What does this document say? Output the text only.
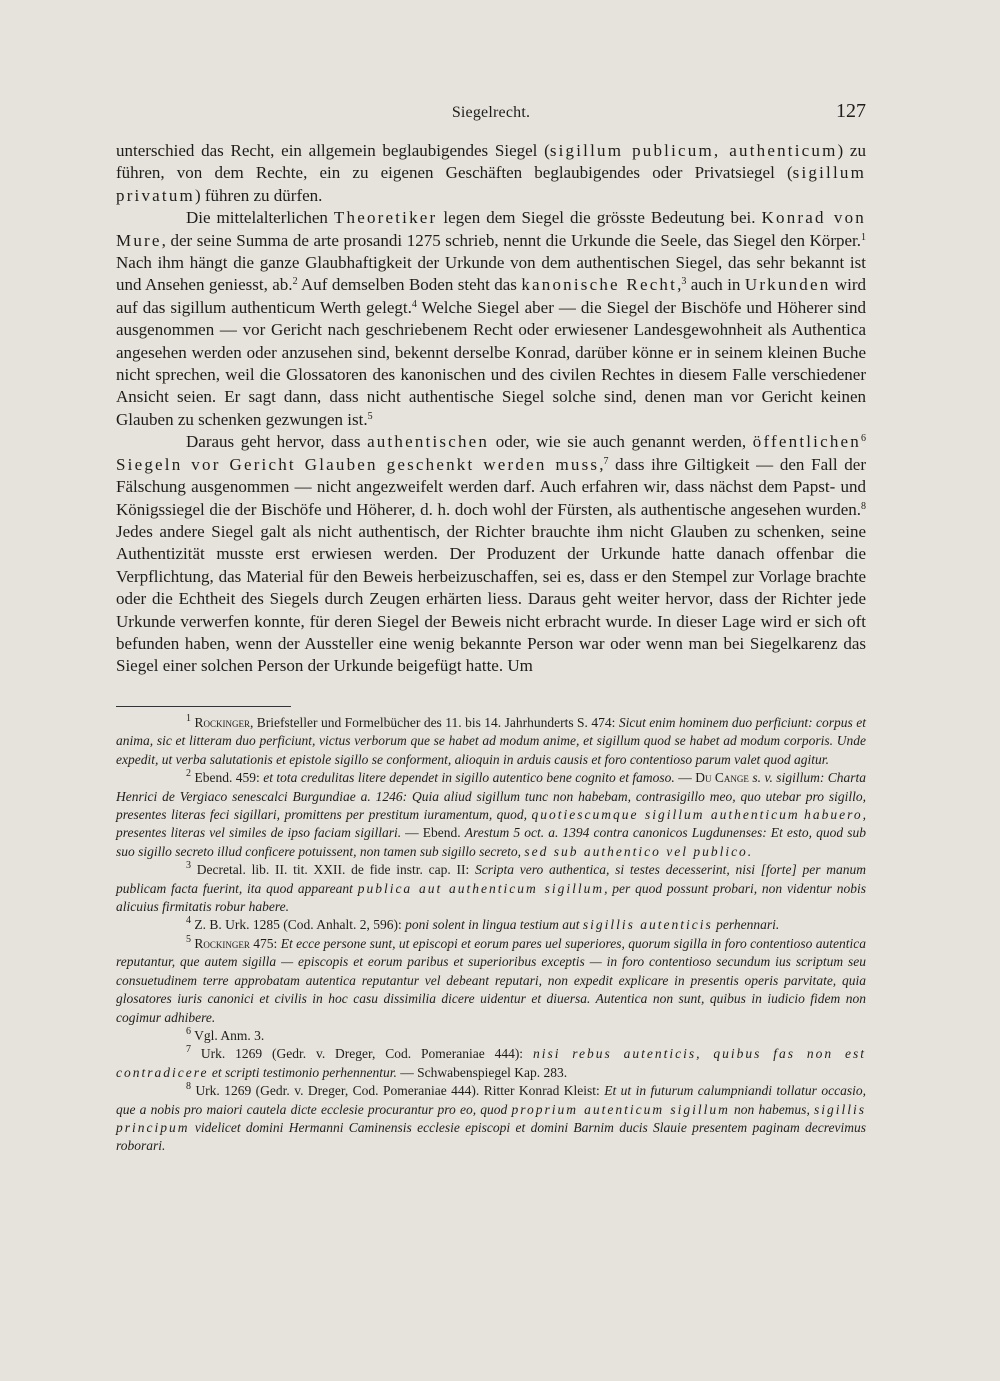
Siegelrecht.	127

unterschied das Recht, ein allgemein beglaubigendes Siegel (sigillum publicum, authenticum) zu führen, von dem Rechte, ein zu eigenen Geschäften beglaubigendes oder Privatsiegel (sigillum privatum) führen zu dürfen.

Die mittelalterlichen Theoretiker legen dem Siegel die grösste Bedeutung bei. Konrad von Mure, der seine Summa de arte prosandi 1275 schrieb, nennt die Urkunde die Seele, das Siegel den Körper.$^1$ Nach ihm hängt die ganze Glaubhaftigkeit der Urkunde von dem authentischen Siegel, das sehr bekannt ist und Ansehen geniesst, ab.$^2$ Auf demselben Boden steht das kanonische Recht,$^3$ auch in Urkunden wird auf das sigillum authenticum Werth gelegt.$^4$ Welche Siegel aber — die Siegel der Bischöfe und Höherer sind ausgenommen — vor Gericht nach geschriebenem Recht oder erwiesener Landesgewohnheit als Authentica angesehen werden oder anzusehen sind, bekennt derselbe Konrad, darüber könne er in seinem kleinen Buche nicht sprechen, weil die Glossatoren des kanonischen und des civilen Rechtes in diesem Falle verschiedener Ansicht seien. Er sagt dann, dass nicht authentische Siegel solche sind, denen man vor Gericht keinen Glauben zu schenken gezwungen ist.$^5$

Daraus geht hervor, dass authentischen oder, wie sie auch genannt werden, öffentlichen$^6$ Siegeln vor Gericht Glauben geschenkt werden muss,$^7$ dass ihre Giltigkeit — den Fall der Fälschung ausgenommen — nicht angezweifelt werden darf. Auch erfahren wir, dass nächst dem Papst- und Königssiegel die der Bischöfe und Höherer, d. h. doch wohl der Fürsten, als authentische angesehen wurden.$^8$ Jedes andere Siegel galt als nicht authentisch, der Richter brauchte ihm nicht Glauben zu schenken, seine Authentizität musste erst erwiesen werden. Der Produzent der Urkunde hatte danach offenbar die Verpflichtung, das Material für den Beweis herbeizuschaffen, sei es, dass er den Stempel zur Vorlage brachte oder die Echtheit des Siegels durch Zeugen erhärten liess. Daraus geht weiter hervor, dass der Richter jede Urkunde verwerfen konnte, für deren Siegel der Beweis nicht erbracht wurde. In dieser Lage wird er sich oft befunden haben, wenn der Aussteller eine wenig bekannte Person war oder wenn man bei Siegelkarenz das Siegel einer solchen Person der Urkunde beigefügt hatte. Um

$^1$ Rockinger, Briefsteller und Formelbücher des 11. bis 14. Jahrhunderts S. 474: Sicut enim hominem duo perficiunt: corpus et anima, sic et litteram duo perficiunt, victus verborum que se habet ad modum anime, et sigillum quod se habet ad modum corporis. Unde expedit, ut verba salutationis et epistole sigillo se conforment, alioquin in arduis causis et foro contentioso parum valet quod agitur.

$^2$ Ebend. 459: et tota credulitas litere dependet in sigillo autentico bene cognito et famoso. — Du Cange s. v. sigillum: Charta Henrici de Vergiaco senescalci Burgundiae a. 1246: Quia aliud sigillum tunc non habebam, contrasigillo meo, quo utebar pro sigillo, presentes literas feci sigillari, promittens per prestitum iuramentum, quod, quotiescumque sigillum authenticum habuero, presentes literas vel similes de ipso faciam sigillari. — Ebend. Arestum 5 oct. a. 1394 contra canonicos Lugdunenses: Et esto, quod sub suo sigillo secreto illud conficere potuissent, non tamen sub sigillo secreto, sed sub authentico vel publico.

$^3$ Decretal. lib. II. tit. XXII. de fide instr. cap. II: Scripta vero authentica, si testes decesserint, nisi [forte] per manum publicam facta fuerint, ita quod appareant publica aut authenticum sigillum, per quod possunt probari, non videntur nobis alicuius firmitatis robur habere.

$^4$ Z. B. Urk. 1285 (Cod. Anhalt. 2, 596): poni solent in lingua testium aut sigillis autenticis perhennari.

$^5$ Rockinger 475: Et ecce persone sunt, ut episcopi et eorum pares uel superiores, quorum sigilla in foro contentioso autentica reputantur, que autem sigilla — episcopis et eorum paribus et superioribus exceptis — in foro contentioso secundum ius scriptum seu consuetudinem terre approbatam autentica reputantur vel debeant reputari, non expedit explicare in presentis operis parvitate, quia glosatores iuris canonici et civilis in hoc casu dissimilia dicere uidentur et diuersa. Autentica non sunt, quibus in iudicio fidem non cogimur adhibere.

$^6$ Vgl. Anm. 3.

$^7$ Urk. 1269 (Gedr. v. Dreger, Cod. Pomeraniae 444): nisi rebus autenticis, quibus fas non est contradicere et scripti testimonio perhennentur. — Schwabenspiegel Kap. 283.

$^8$ Urk. 1269 (Gedr. v. Dreger, Cod. Pomeraniae 444). Ritter Konrad Kleist: Et ut in futurum calumpniandi tollatur occasio, que a nobis pro maiori cautela dicte ecclesie procurantur pro eo, quod proprium autenticum sigillum non habemus, sigillis principum videlicet domini Hermanni Caminensis ecclesie episcopi et domini Barnim ducis Slauie presentem paginam decrevimus roborari.
